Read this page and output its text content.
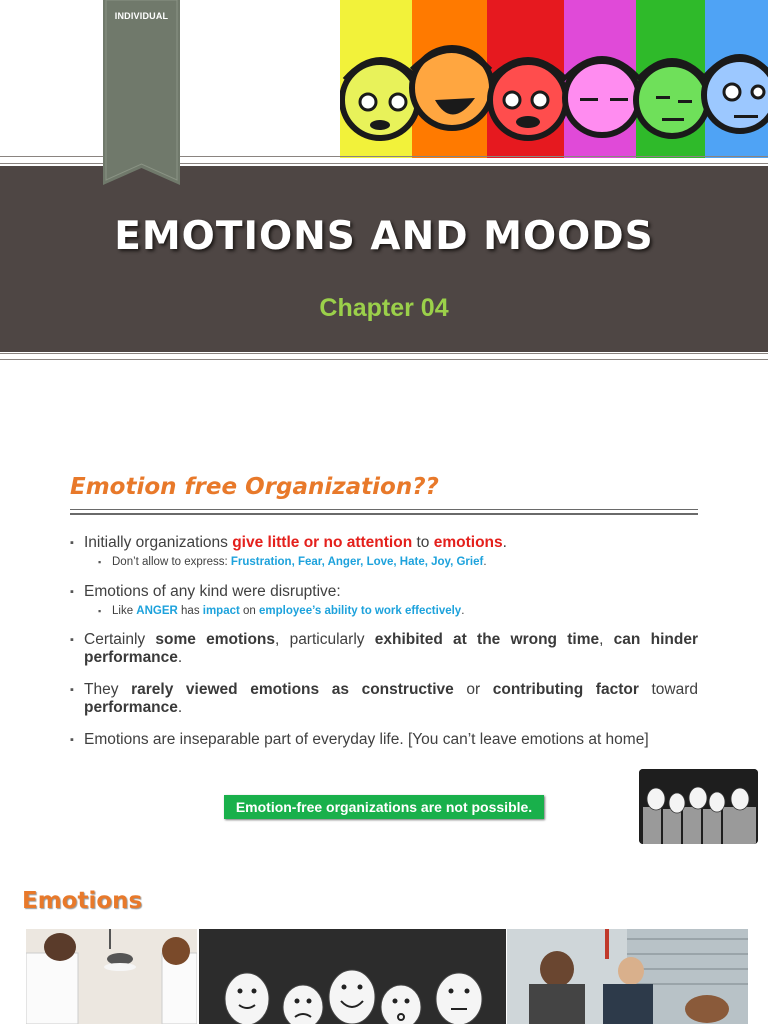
INDIVIDUAL
EMOTIONS AND MOODS
Chapter 04
Emotion free Organization??
▪ Initially organizations give little or no attention to emotions.
▪ Don’t allow to express: Frustration, Fear, Anger, Love, Hate, Joy, Grief.
▪ Emotions of any kind were disruptive:
▪ Like ANGER has impact on employee’s ability to work effectively.
▪ Certainly some emotions, particularly exhibited at the wrong time, can hinder performance.
▪ They rarely viewed emotions as constructive or contributing factor toward performance.
▪ Emotions are inseparable part of everyday life. [You can’t leave emotions at home]
Emotion-free organizations are not possible.
Emotions
